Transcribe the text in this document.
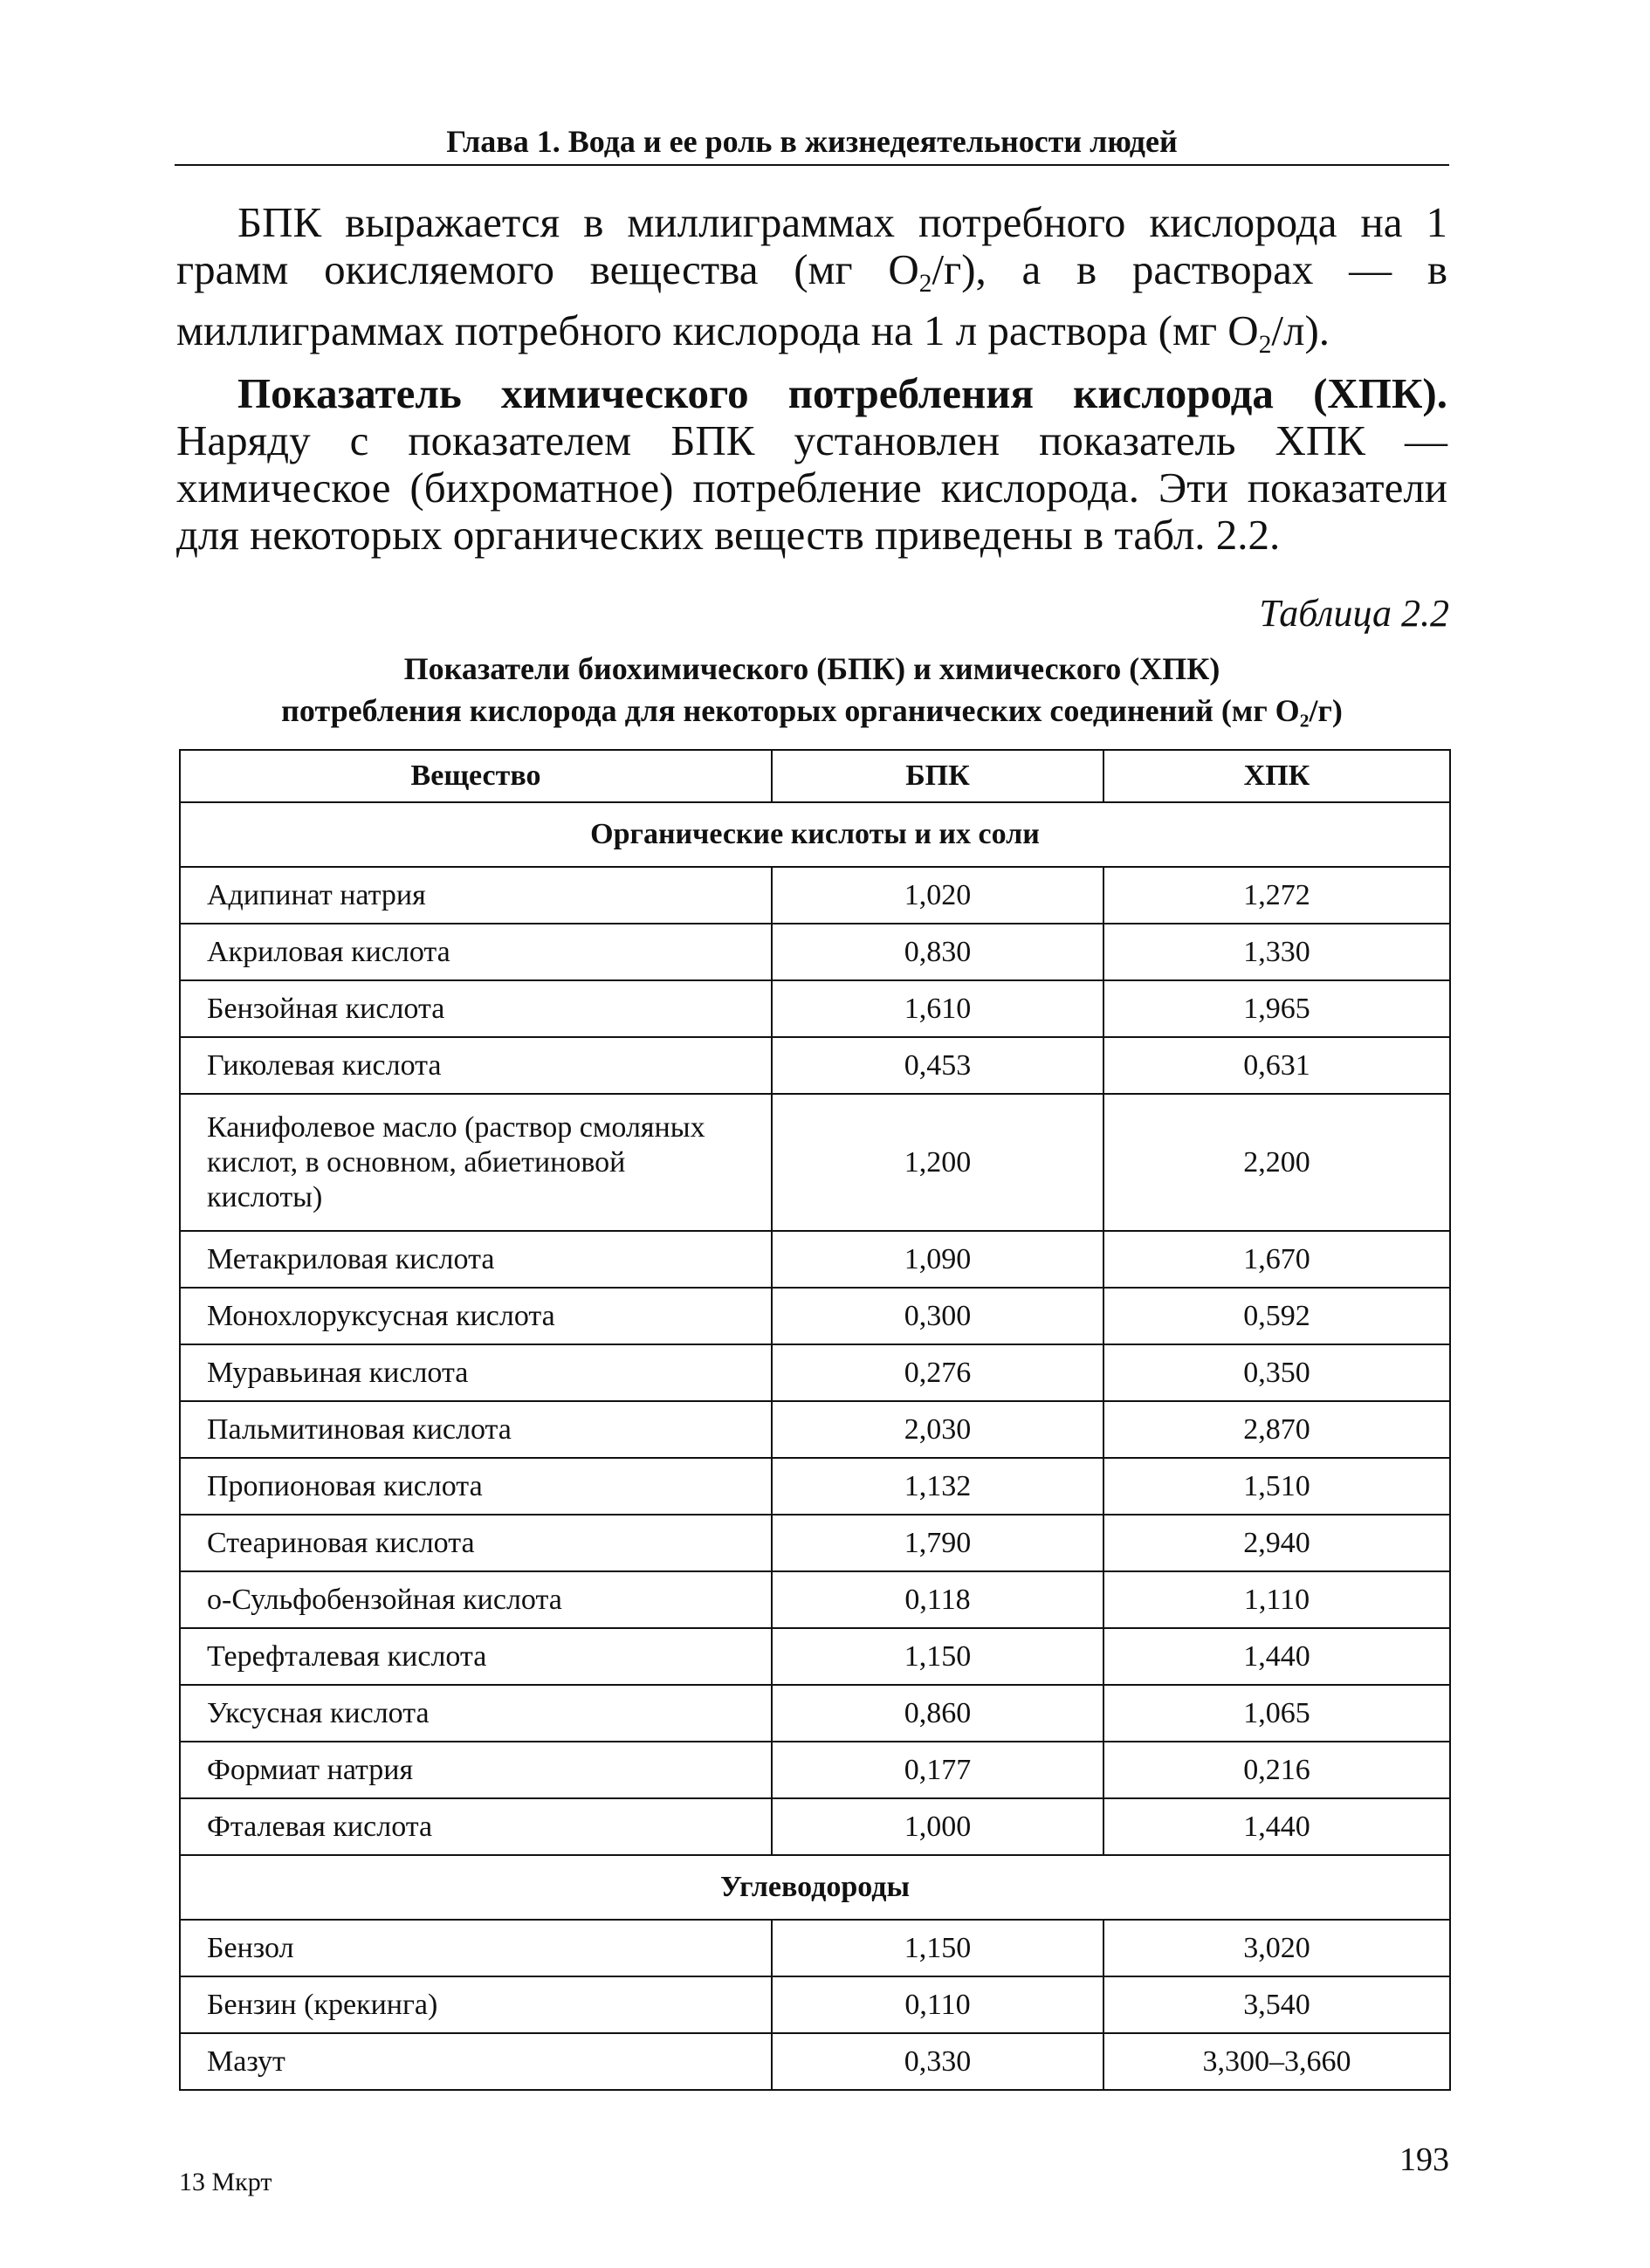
Глава 1. Вода и ее роль в жизнедеятельности людей

БПК выражается в миллиграммах потребного кислорода на 1 грамм окисляемого вещества (мг $O_2/г$), а в растворах — в миллиграммах потребного кислорода на 1 л раствора (мг $O_2/л$).

Показатель химического потребления кислорода (ХПК). Наряду с показателем БПК установлен показатель ХПК — химическое (бихроматное) потребление кислорода. Эти показатели для некоторых органических веществ приведены в табл. 2.2.

Таблица 2.2
Показатели биохимического (БПК) и химического (ХПК)
потребления кислорода для некоторых органических соединений (мг $O_2/г$)
Вещество	БПК	ХПК
Органические кислоты и их соли		
Адипинат натрия	1,020	1,272
Акриловая кислота	0,830	1,330
Бензойная кислота	1,610	1,965
Гиколевая кислота	0,453	0,631
Канифолевое масло (раствор смоляных кислот, в основном, абиетиновой кислоты)	1,200	2,200
Метакриловая кислота	1,090	1,670
Монохлоруксусная кислота	0,300	0,592
Муравьиная кислота	0,276	0,350
Пальмитиновая кислота	2,030	2,870
Пропионовая кислота	1,132	1,510
Стеариновая кислота	1,790	2,940
о-Сульфобензойная кислота	0,118	1,110
Терефталевая кислота	1,150	1,440
Уксусная кислота	0,860	1,065
Формиат натрия	0,177	0,216
Фталевая кислота	1,000	1,440
Углеводороды		
Бензол	1,150	3,020
Бензин (крекинга)	0,110	3,540
Мазут	0,330	3,300–3,660
193
13 Мкрт
